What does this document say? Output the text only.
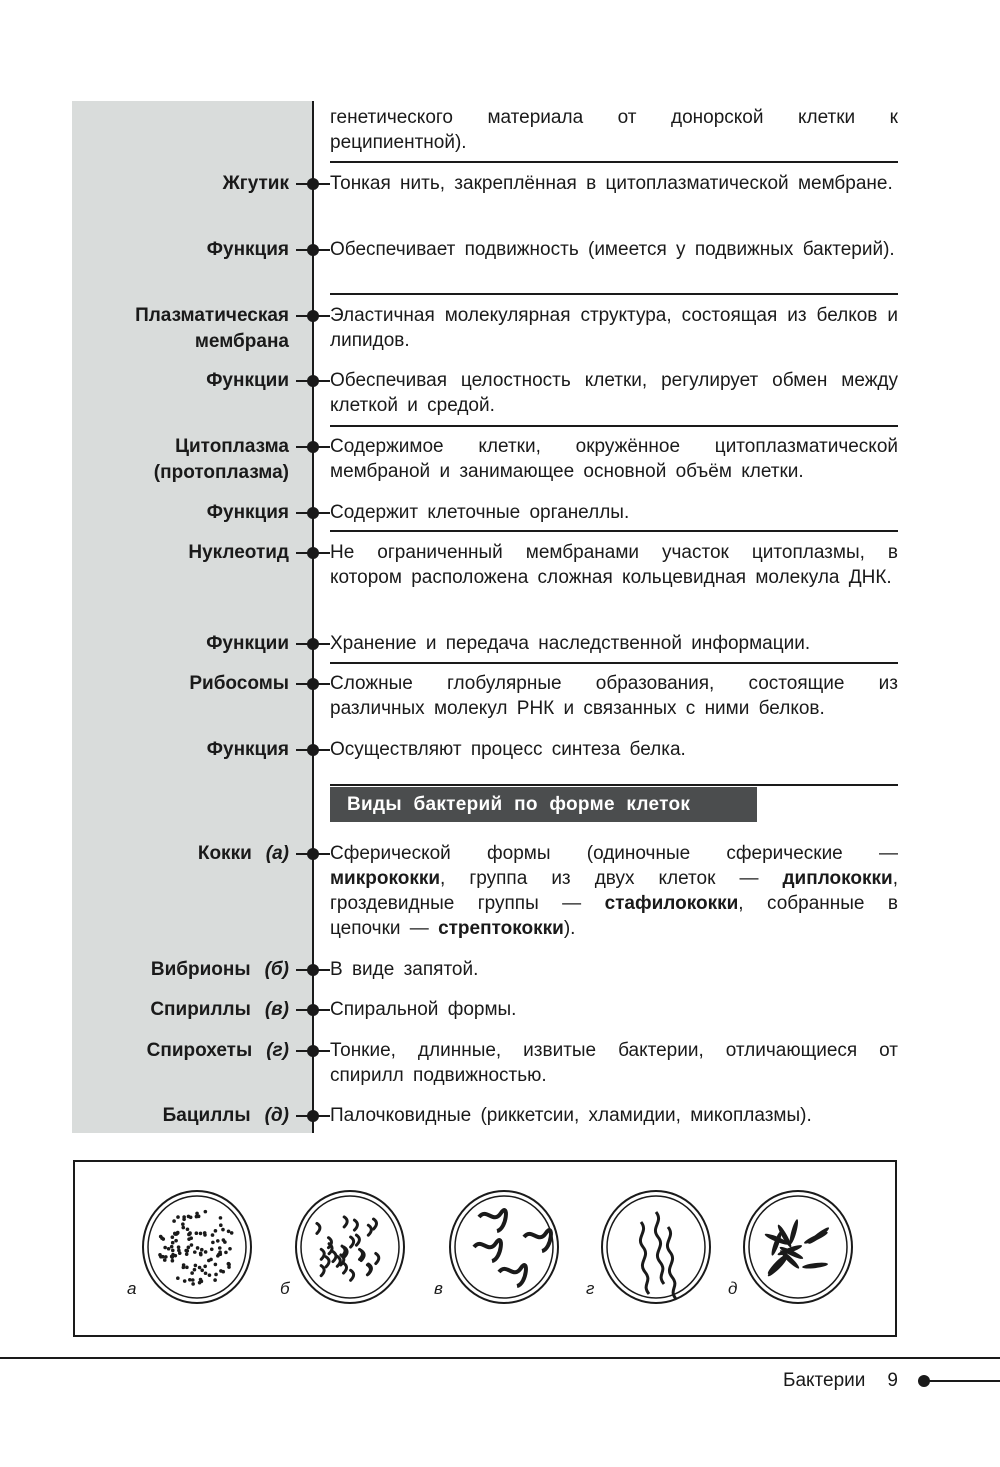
генетического материала от донорской клетки к реципиентной).
Жгутик Тонкая нить, закреплённая в цитоплазматической мембране.
Функция Обеспечивает подвижность (имеется у подвижных бактерий).
Плазматическая
мембрана
Эластичная молекулярная структура, состоящая из белков и липидов.
Функции Обеспечивая целостность клетки, регулирует обмен между клеткой и средой.
Цитоплазма
(протоплазма)
Содержимое клетки, окружённое цитоплазматической мембраной и занимающее основной объём клетки.
Функция Содержит клеточные органеллы.
Нуклеотид Не ограниченный мембранами участок цитоплазмы, в котором расположена сложная кольцевидная молекула ДНК.
Функции Хранение и передача наследственной информации.
Рибосомы Сложные глобулярные образования, состоящие из различных молекул РНК и связанных с ними белков.
Функция Осуществляют процесс синтеза белка.
Кокки (а) Сферической формы (одиночные сферические — микрококки, группа из двух клеток — диплококки, гроздевидные группы — стафилококки, собранные в цепочки — стрептококки).
Вибрионы (б) В виде запятой.
Спириллы (в) Спиральной формы.
Спирохеты (г) Тонкие, длинные, извитые бактерии, отличающиеся от спирилл подвижностью.
Бациллы (д) Палочковидные (риккетсии, хламидии, микоплазмы).
Виды бактерий по форме клеток
а	б	в	г	д
Бактерии 9
